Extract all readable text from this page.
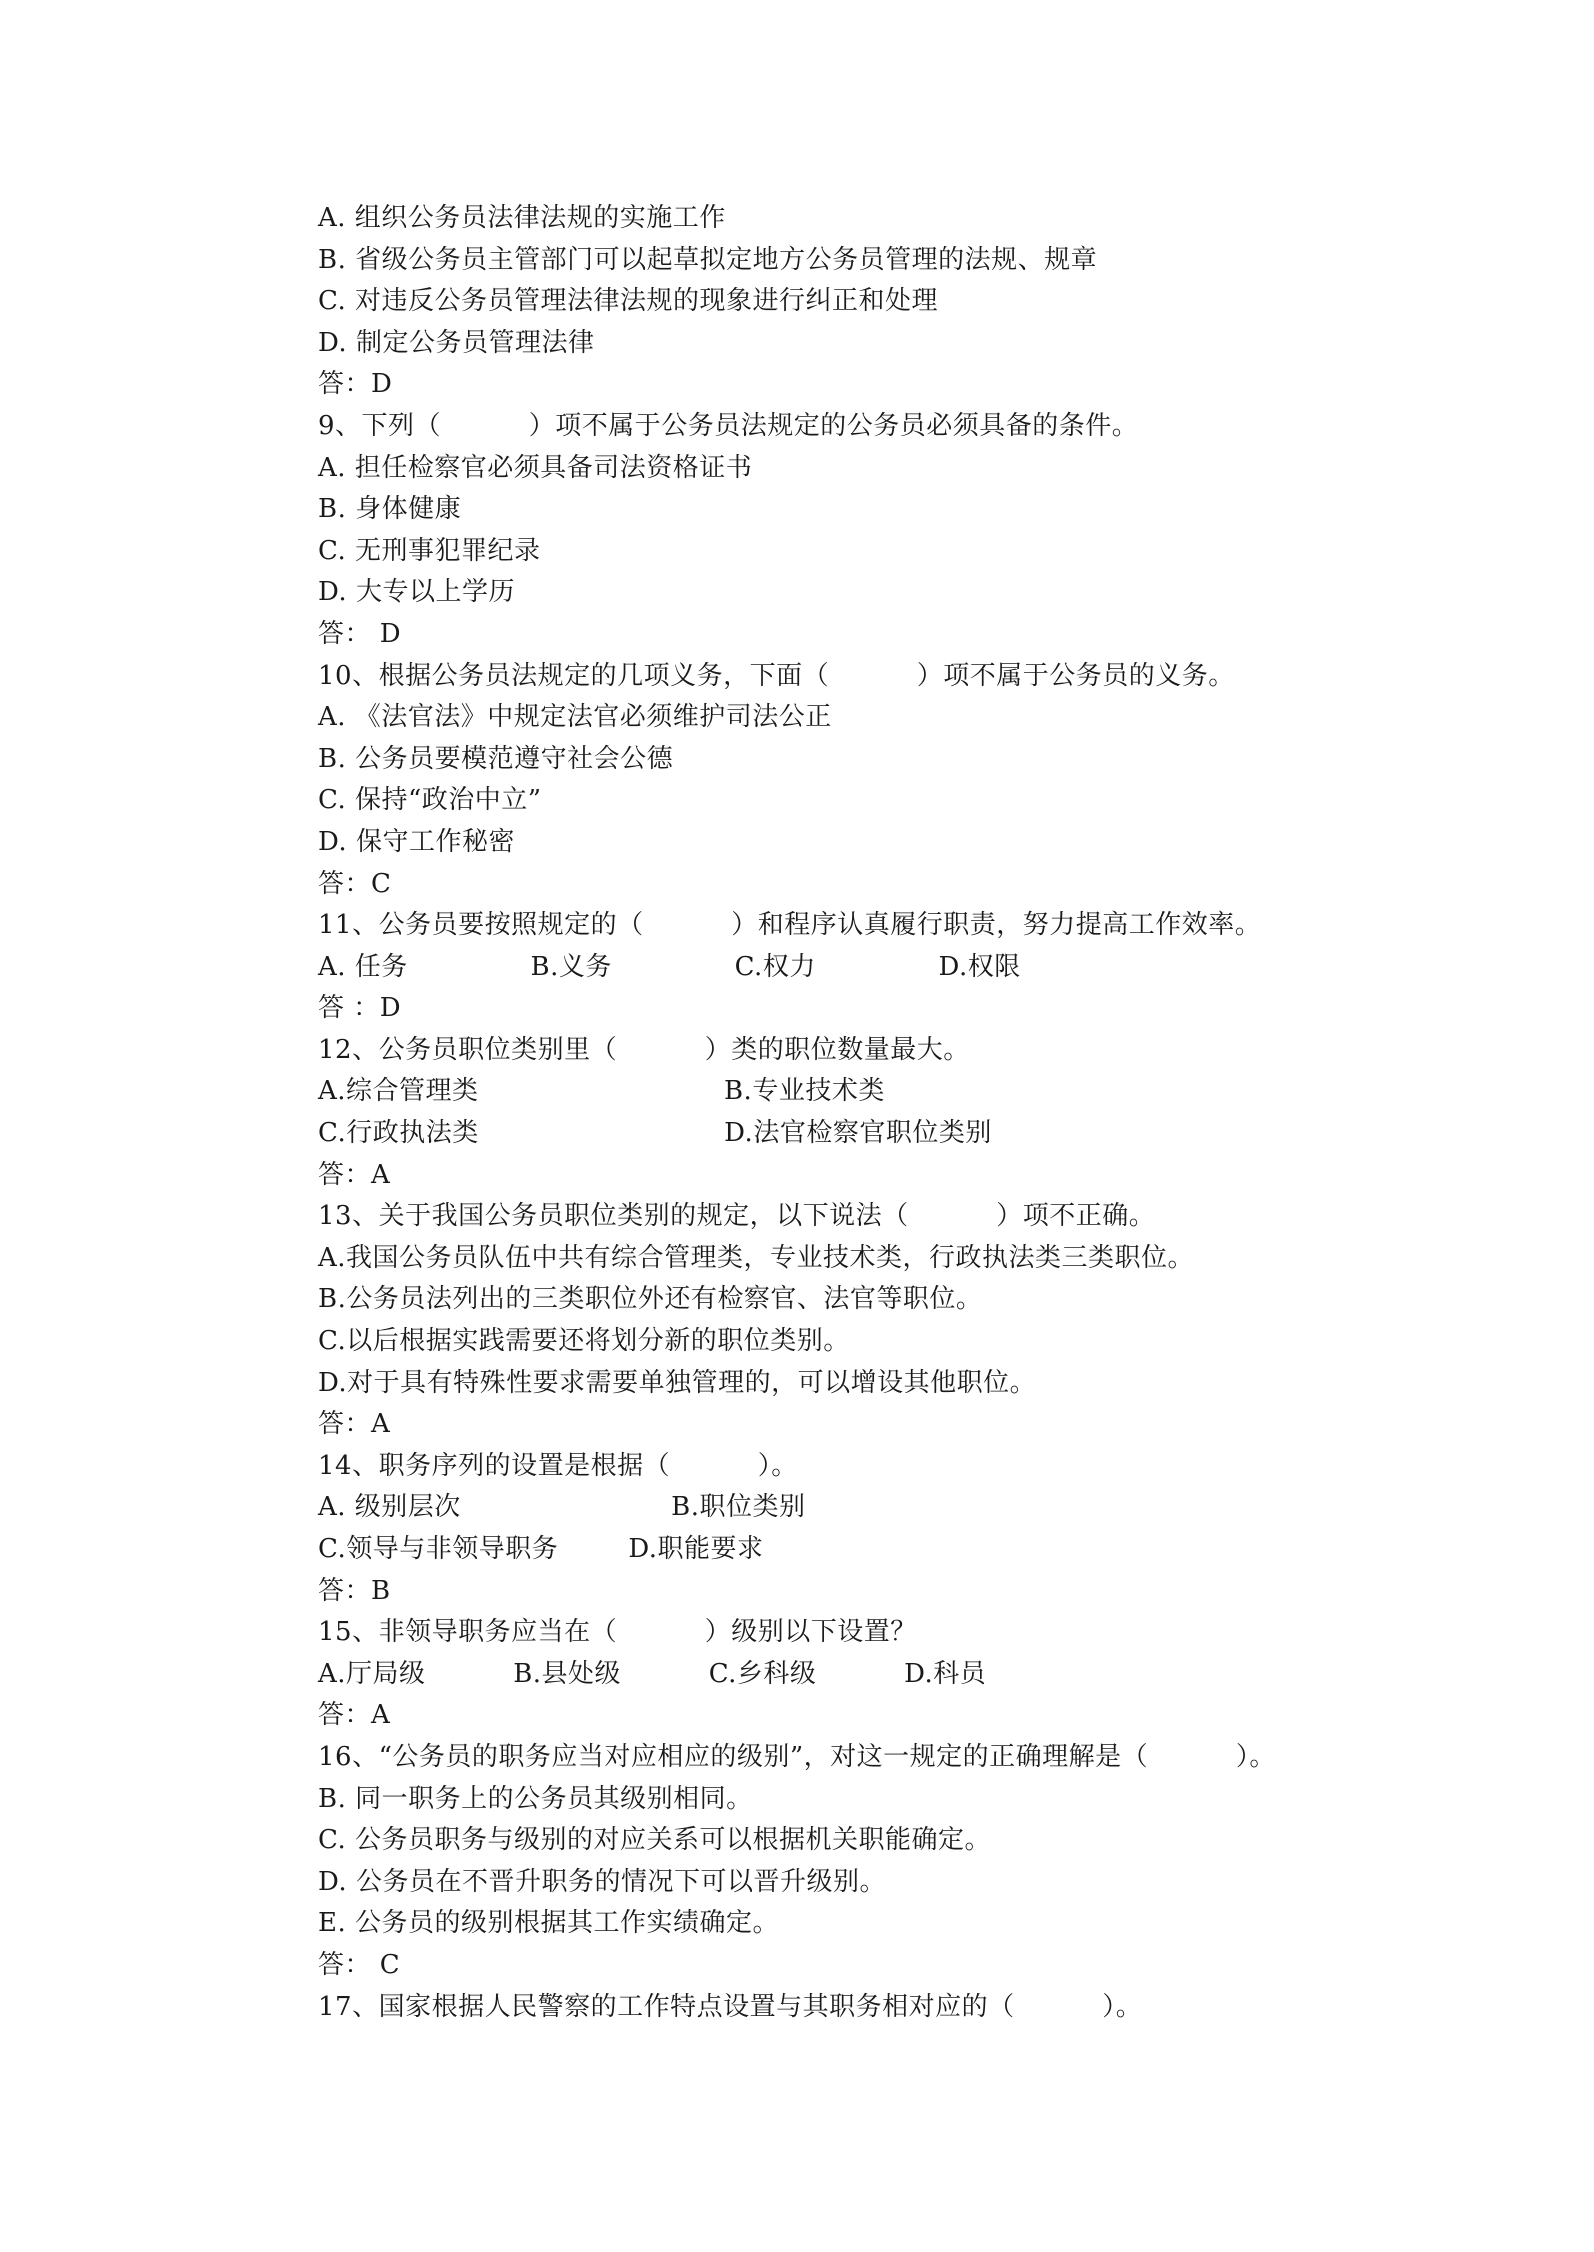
A. 组织公务员法律法规的实施工作
B. 省级公务员主管部门可以起草拟定地方公务员管理的法规、规章
C. 对违反公务员管理法律法规的现象进行纠正和处理
D. 制定公务员管理法律
答：D
9、下列（          ）项不属于公务员法规定的公务员必须具备的条件。
A. 担任检察官必须具备司法资格证书
B. 身体健康
C. 无刑事犯罪纪录
D. 大专以上学历
答： D
10、根据公务员法规定的几项义务，下面（          ）项不属于公务员的义务。
A. 《法官法》中规定法官必须维护司法公正
B. 公务员要模范遵守社会公德
C. 保持“政治中立”
D. 保守工作秘密
答：C
11、公务员要按照规定的（          ）和程序认真履行职责，努力提高工作效率。
A. 任务              B.义务              C.权力              D.权限
答 ：D
12、公务员职位类别里（          ）类的职位数量最大。
A.综合管理类                            B.专业技术类
C.行政执法类                            D.法官检察官职位类别
答：A
13、关于我国公务员职位类别的规定，以下说法（          ）项不正确。
A.我国公务员队伍中共有综合管理类，专业技术类，行政执法类三类职位。
B.公务员法列出的三类职位外还有检察官、法官等职位。
C.以后根据实践需要还将划分新的职位类别。
D.对于具有特殊性要求需要单独管理的，可以增设其他职位。
答：A
14、职务序列的设置是根据（          ）。
A. 级别层次                        B.职位类别
C.领导与非领导职务        D.职能要求
答：B
15、非领导职务应当在（          ）级别以下设置？
A.厅局级          B.县处级          C.乡科级          D.科员
答：A
16、“公务员的职务应当对应相应的级别”，对这一规定的正确理解是（          ）。
B. 同一职务上的公务员其级别相同。
C. 公务员职务与级别的对应关系可以根据机关职能确定。
D. 公务员在不晋升职务的情况下可以晋升级别。
E. 公务员的级别根据其工作实绩确定。
答： C
17、国家根据人民警察的工作特点设置与其职务相对应的（          ）。
